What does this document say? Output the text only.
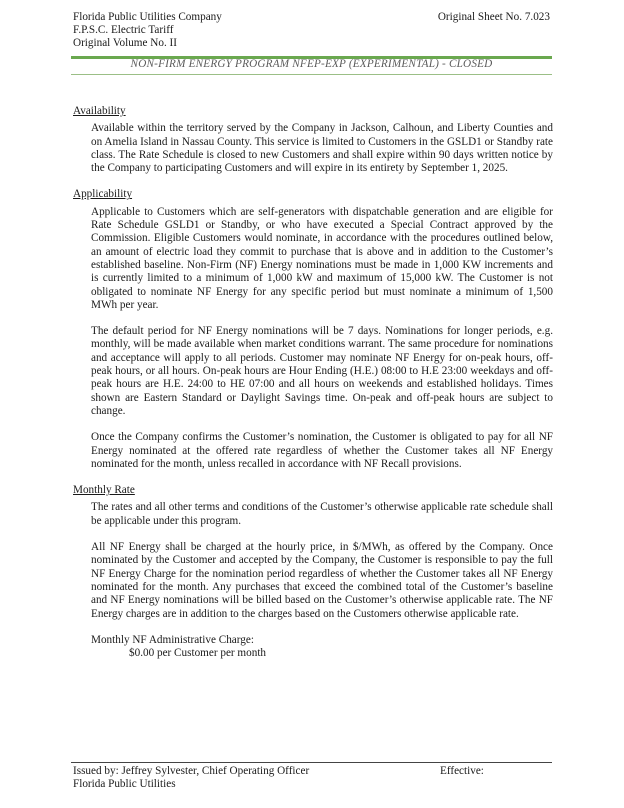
Florida Public Utilities Company
F.P.S.C. Electric Tariff
Original Volume No. II
Original Sheet No. 7.023
NON-FIRM ENERGY PROGRAM NFEP-EXP (EXPERIMENTAL) - CLOSED
Availability

Available within the territory served by the Company in Jackson, Calhoun, and Liberty Counties and on Amelia Island in Nassau County. This service is limited to Customers in the GSLD1 or Standby rate class. The Rate Schedule is closed to new Customers and shall expire within 90 days written notice by the Company to participating Customers and will expire in its entirety by September 1, 2025.

Applicability

Applicable to Customers which are self-generators with dispatchable generation and are eligible for Rate Schedule GSLD1 or Standby, or who have executed a Special Contract approved by the Commission. Eligible Customers would nominate, in accordance with the procedures outlined below, an amount of electric load they commit to purchase that is above and in addition to the Customer’s established baseline. Non-Firm (NF) Energy nominations must be made in 1,000 KW increments and is currently limited to a minimum of 1,000 kW and maximum of 15,000 kW. The Customer is not obligated to nominate NF Energy for any specific period but must nominate a minimum of 1,500 MWh per year.

The default period for NF Energy nominations will be 7 days. Nominations for longer periods, e.g. monthly, will be made available when market conditions warrant. The same procedure for nominations and acceptance will apply to all periods. Customer may nominate NF Energy for on-peak hours, off-peak hours, or all hours. On-peak hours are Hour Ending (H.E.) 08:00 to H.E 23:00 weekdays and off-peak hours are H.E. 24:00 to HE 07:00 and all hours on weekends and established holidays. Times shown are Eastern Standard or Daylight Savings time. On-peak and off-peak hours are subject to change.

Once the Company confirms the Customer’s nomination, the Customer is obligated to pay for all NF Energy nominated at the offered rate regardless of whether the Customer takes all NF Energy nominated for the month, unless recalled in accordance with NF Recall provisions.

Monthly Rate

The rates and all other terms and conditions of the Customer’s otherwise applicable rate schedule shall be applicable under this program.

All NF Energy shall be charged at the hourly price, in $/MWh, as offered by the Company. Once nominated by the Customer and accepted by the Company, the Customer is responsible to pay the full NF Energy Charge for the nomination period regardless of whether the Customer takes all NF Energy nominated for the month. Any purchases that exceed the combined total of the Customer’s baseline and NF Energy nominations will be billed based on the Customer’s otherwise applicable rate. The NF Energy charges are in addition to the charges based on the Customers otherwise applicable rate.

Monthly NF Administrative Charge:
$0.00 per Customer per month
Issued by: Jeffrey Sylvester, Chief Operating Officer
Florida Public Utilities
Effective:
